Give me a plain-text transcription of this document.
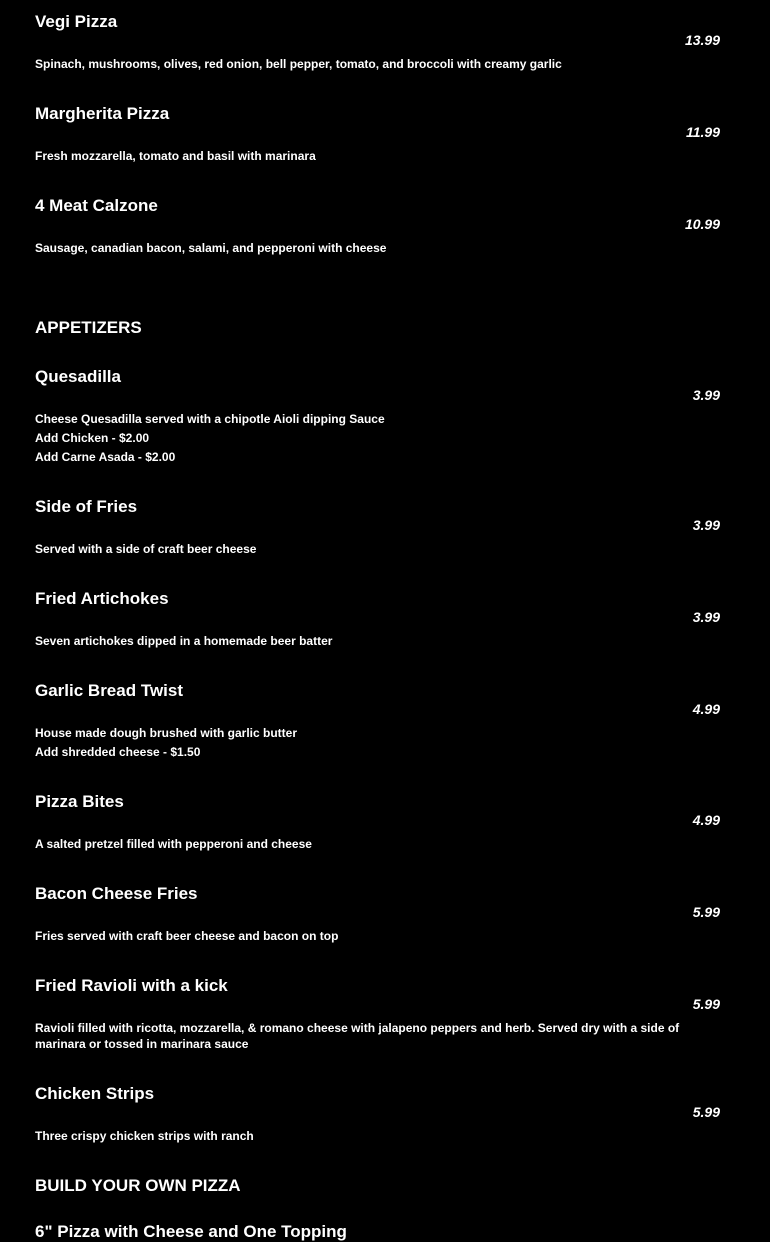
Vegi Pizza
13.99
Spinach, mushrooms, olives, red onion, bell pepper, tomato, and broccoli with creamy garlic
Margherita Pizza
11.99
Fresh mozzarella, tomato and basil with marinara
4 Meat Calzone
10.99
Sausage, canadian bacon, salami, and pepperoni with cheese
APPETIZERS
Quesadilla
3.99
Cheese Quesadilla served with a chipotle Aioli dipping Sauce
Add Chicken - $2.00
Add Carne Asada - $2.00
Side of Fries
3.99
Served with a side of craft beer cheese
Fried Artichokes
3.99
Seven artichokes dipped in a homemade beer batter
Garlic Bread Twist
4.99
House made dough brushed with garlic butter
Add shredded cheese - $1.50
Pizza Bites
4.99
A salted pretzel filled with pepperoni and cheese
Bacon Cheese Fries
5.99
Fries served with craft beer cheese and bacon on top
Fried Ravioli with a kick
5.99
Ravioli filled with ricotta, mozzarella, & romano cheese with jalapeno peppers and herb. Served dry with a side of marinara or tossed in marinara sauce
Chicken Strips
5.99
Three crispy chicken strips with ranch
BUILD YOUR OWN PIZZA
6" Pizza with Cheese and One Topping
